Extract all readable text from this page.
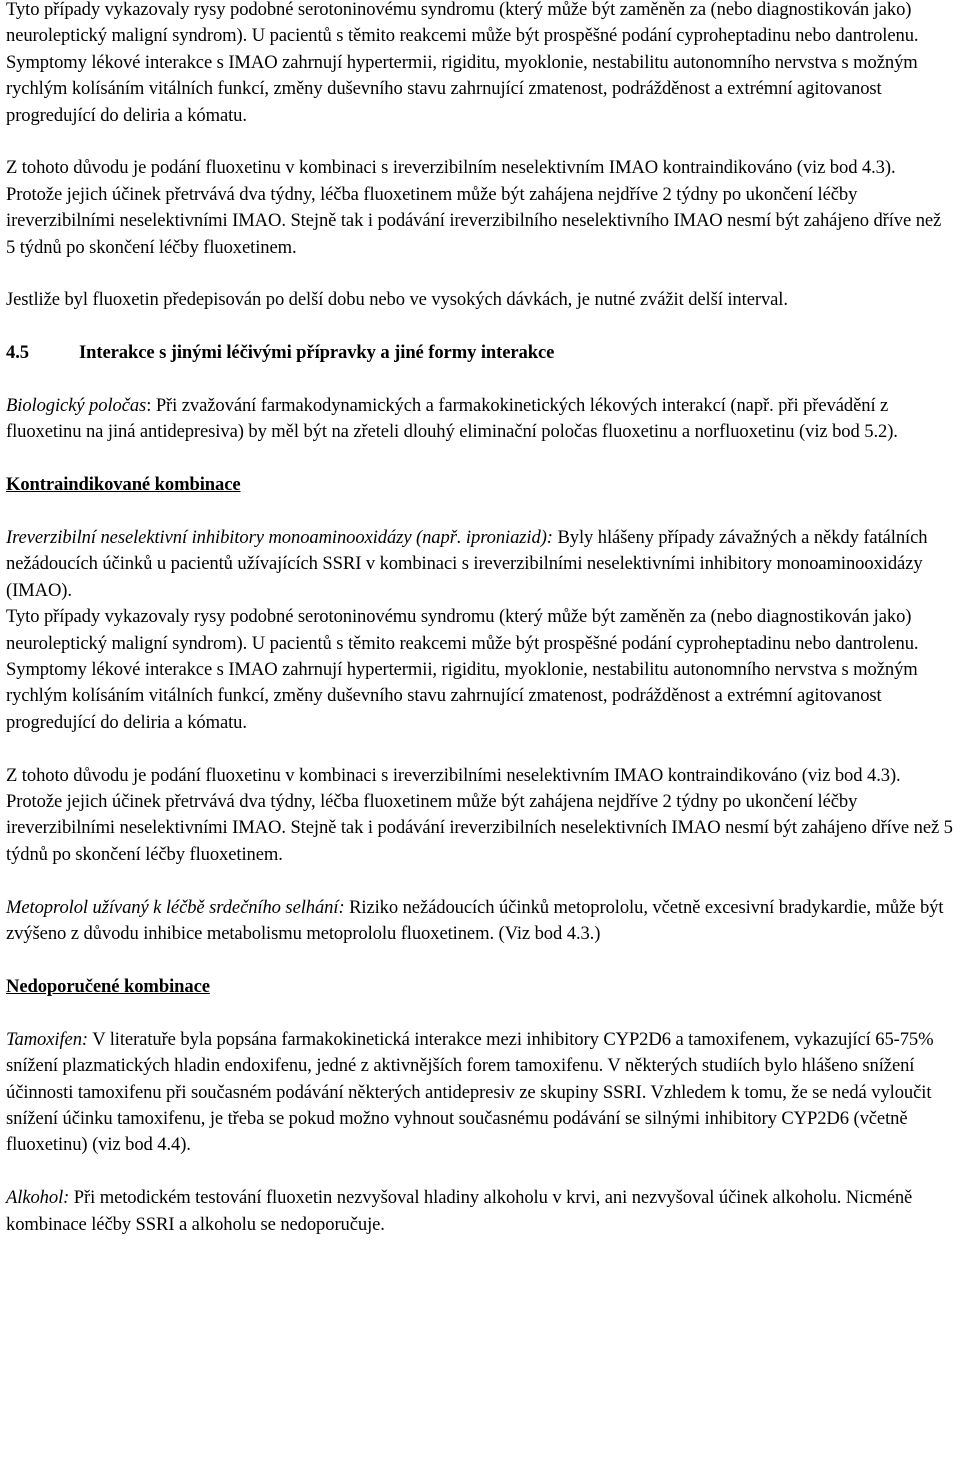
Tyto případy vykazovaly rysy podobné serotoninovému syndromu (který může být zaměněn za (nebo diagnostikován jako) neuroleptický maligní syndrom). U pacientů s těmito reakcemi může být prospěšné podání cyproheptadinu nebo dantrolenu. Symptomy lékové interakce s IMAO zahrnují hypertermii, rigiditu, myoklonie, nestabilitu autonomního nervstva s možným rychlým kolísáním vitálních funkcí, změny duševního stavu zahrnující zmatenost, podrážděnost a extrémní agitovanost progredující do deliria a kómatu.

Z tohoto důvodu je podání fluoxetinu v kombinaci s ireverzibilním neselektivním IMAO kontraindikováno (viz bod 4.3). Protože jejich účinek přetrvává dva týdny, léčba fluoxetinem může být zahájena nejdříve 2 týdny po ukončení léčby ireverzibilními neselektivními IMAO. Stejně tak i podávání ireverzibilního neselektivního IMAO nesmí být zahájeno dříve než 5 týdnů po skončení léčby fluoxetinem.

Jestliže byl fluoxetin předepisován po delší dobu nebo ve vysokých dávkách, je nutné zvážit delší interval.

4.5	Interakce s jinými léčivými přípravky a jiné formy interakce

Biologický poločas: Při zvažování farmakodynamických a farmakokinetických lékových interakcí (např. při převádění z fluoxetinu na jiná antidepresiva) by měl být na zřeteli dlouhý eliminační poločas fluoxetinu a norfluoxetinu (viz bod 5.2).

Kontraindikované kombinace

Ireverzibilní neselektivní inhibitory monoaminooxidázy (např. iproniazid): Byly hlášeny případy závažných a někdy fatálních nežádoucích účinků u pacientů užívajících SSRI v kombinaci s ireverzibilními neselektivními inhibitory monoaminooxidázy (IMAO).

Tyto případy vykazovaly rysy podobné serotoninovému syndromu (který může být zaměněn za (nebo diagnostikován jako) neuroleptický maligní syndrom). U pacientů s těmito reakcemi může být prospěšné podání cyproheptadinu nebo dantrolenu. Symptomy lékové interakce s IMAO zahrnují hypertermii, rigiditu, myoklonie, nestabilitu autonomního nervstva s možným rychlým kolísáním vitálních funkcí, změny duševního stavu zahrnující zmatenost, podrážděnost a extrémní agitovanost progredující do deliria a kómatu.

Z tohoto důvodu je podání fluoxetinu v kombinaci s ireverzibilními neselektivním IMAO kontraindikováno (viz bod 4.3). Protože jejich účinek přetrvává dva týdny, léčba fluoxetinem může být zahájena nejdříve 2 týdny po ukončení léčby ireverzibilními neselektivními IMAO. Stejně tak i podávání ireverzibilních neselektivních IMAO nesmí být zahájeno dříve než 5 týdnů po skončení léčby fluoxetinem.

Metoprolol užívaný k léčbě srdečního selhání: Riziko nežádoucích účinků metoprololu, včetně excesivní bradykardie, může být zvýšeno z důvodu inhibice metabolismu metoprololu fluoxetinem. (Viz bod 4.3.)

Nedoporučené kombinace

Tamoxifen: V literatuře byla popsána farmakokinetická interakce mezi inhibitory CYP2D6 a tamoxifenem, vykazující 65-75% snížení plazmatických hladin endoxifenu, jedné z aktivnějších forem tamoxifenu. V některých studiích bylo hlášeno snížení účinnosti tamoxifenu při současném podávání některých antidepresiv ze skupiny SSRI. Vzhledem k tomu, že se nedá vyloučit snížení účinku tamoxifenu, je třeba se pokud možno vyhnout současnému podávání se silnými inhibitory CYP2D6 (včetně fluoxetinu) (viz bod 4.4).

Alkohol: Při metodickém testování fluoxetin nezvyšoval hladiny alkoholu v krvi, ani nezvyšoval účinek alkoholu. Nicméně kombinace léčby SSRI a alkoholu se nedoporučuje.
